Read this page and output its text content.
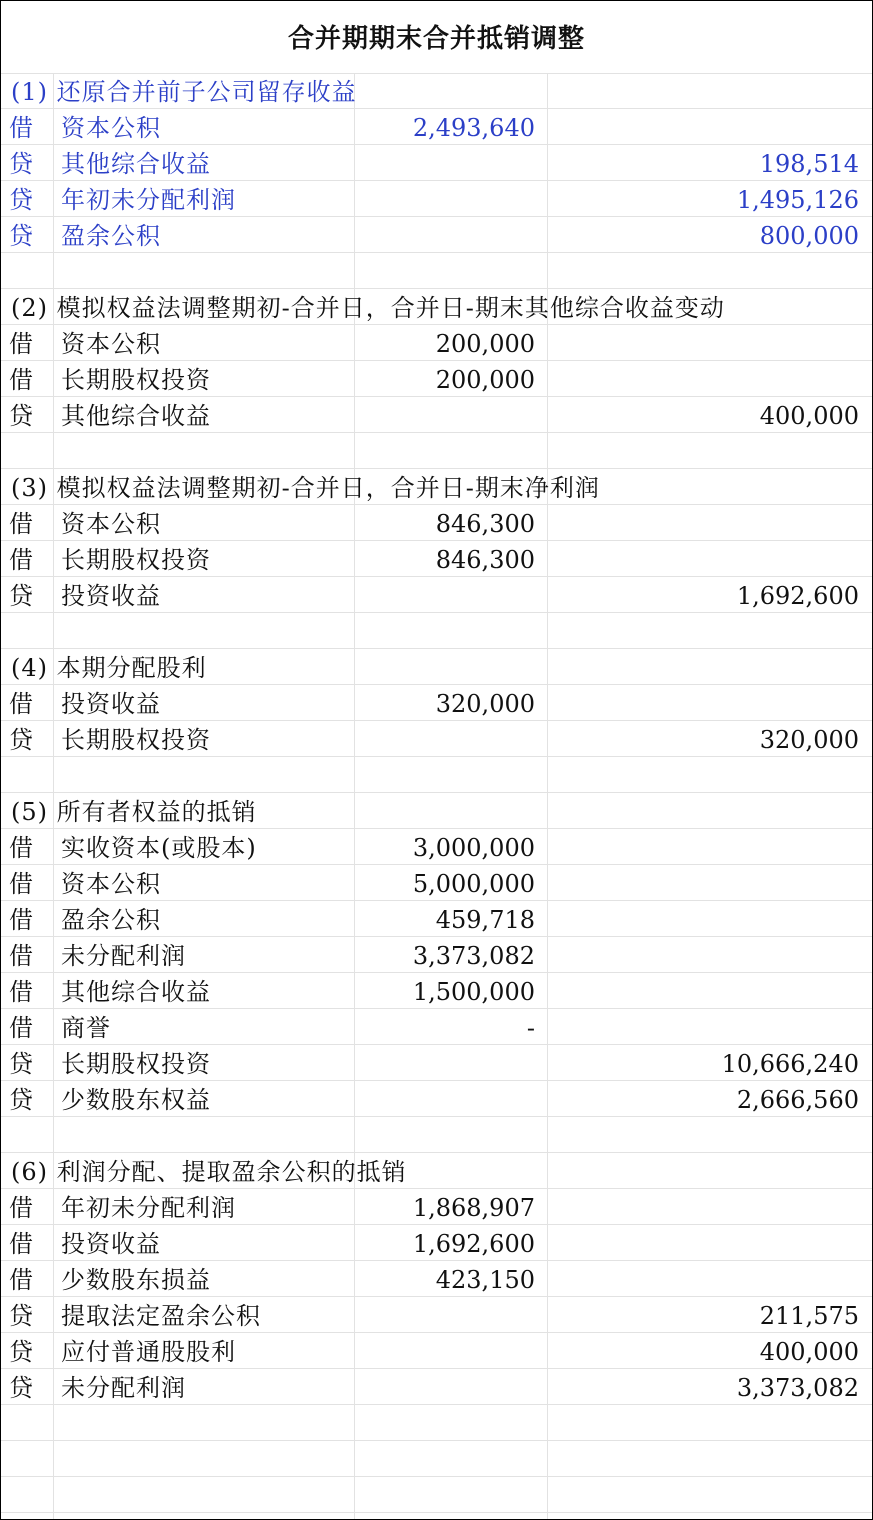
合并期期末合并抵销调整
(1) 还原合并前子公司留存收益
借	资本公积	2,493,640
贷	其他综合收益	198,514
贷	年初未分配利润	1,495,126
贷	盈余公积	800,000
(2) 模拟权益法调整期初-合并日，合并日-期末其他综合收益变动
借	资本公积	200,000
借	长期股权投资	200,000
贷	其他综合收益	400,000
(3) 模拟权益法调整期初-合并日，合并日-期末净利润
借	资本公积	846,300
借	长期股权投资	846,300
贷	投资收益	1,692,600
(4) 本期分配股利
借	投资收益	320,000
贷	长期股权投资	320,000
(5) 所有者权益的抵销
借	实收资本(或股本)	3,000,000
借	资本公积	5,000,000
借	盈余公积	459,718
借	未分配利润	3,373,082
借	其他综合收益	1,500,000
借	商誉	-
贷	长期股权投资	10,666,240
贷	少数股东权益	2,666,560
(6) 利润分配、提取盈余公积的抵销
借	年初未分配利润	1,868,907
借	投资收益	1,692,600
借	少数股东损益	423,150
贷	提取法定盈余公积	211,575
贷	应付普通股股利	400,000
贷	未分配利润	3,373,082
